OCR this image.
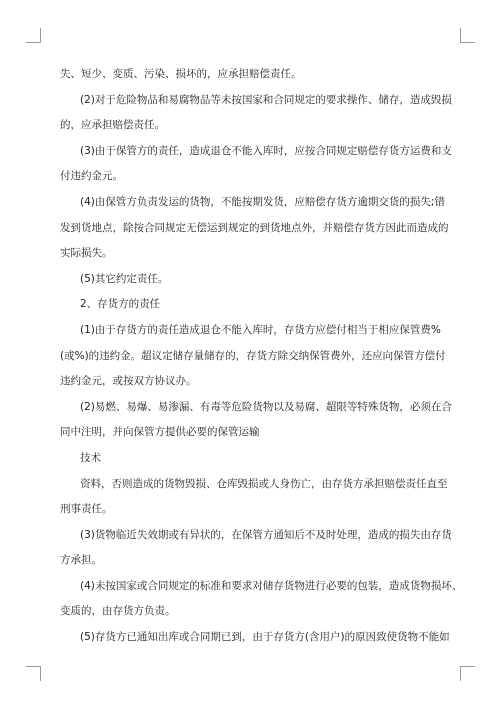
失、短少、变质、污染、损坏的，应承担赔偿责任。

(2)对于危险物品和易腐物品等未按国家和合同规定的要求操作、储存，造成毁损

的，应承担赔偿责任。

(3)由于保管方的责任，造成退仓不能入库时，应按合同规定赔偿存货方运费和支

付违约金元。

(4)由保管方负责发运的货物，不能按期发货，应赔偿存货方逾期交货的损失;错

发到货地点，除按合同规定无偿运到规定的到货地点外，并赔偿存货方因此而造成的

实际损失。

(5)其它约定责任。

2、存货方的责任

(1)由于存货方的责任造成退仓不能入库时，存货方应偿付相当于相应保管费%

(或%)的违约金。超议定储存量储存的，存货方除交纳保管费外，还应向保管方偿付

违约金元，或按双方协议办。

(2)易燃、易爆、易渗漏、有毒等危险货物以及易腐、超限等特殊货物，必须在合

同中注明，并向保管方提供必要的保管运输

技术

资料，否则造成的货物毁损、仓库毁损或人身伤亡，由存货方承担赔偿责任直至

刑事责任。

(3)货物临近失效期或有异状的，在保管方通知后不及时处理，造成的损失由存货

方承担。

(4)未按国家或合同规定的标准和要求对储存货物进行必要的包装，造成货物损坏、

变质的，由存货方负责。

(5)存货方已通知出库或合同期已到，由于存货方(含用户)的原因致使货物不能如
